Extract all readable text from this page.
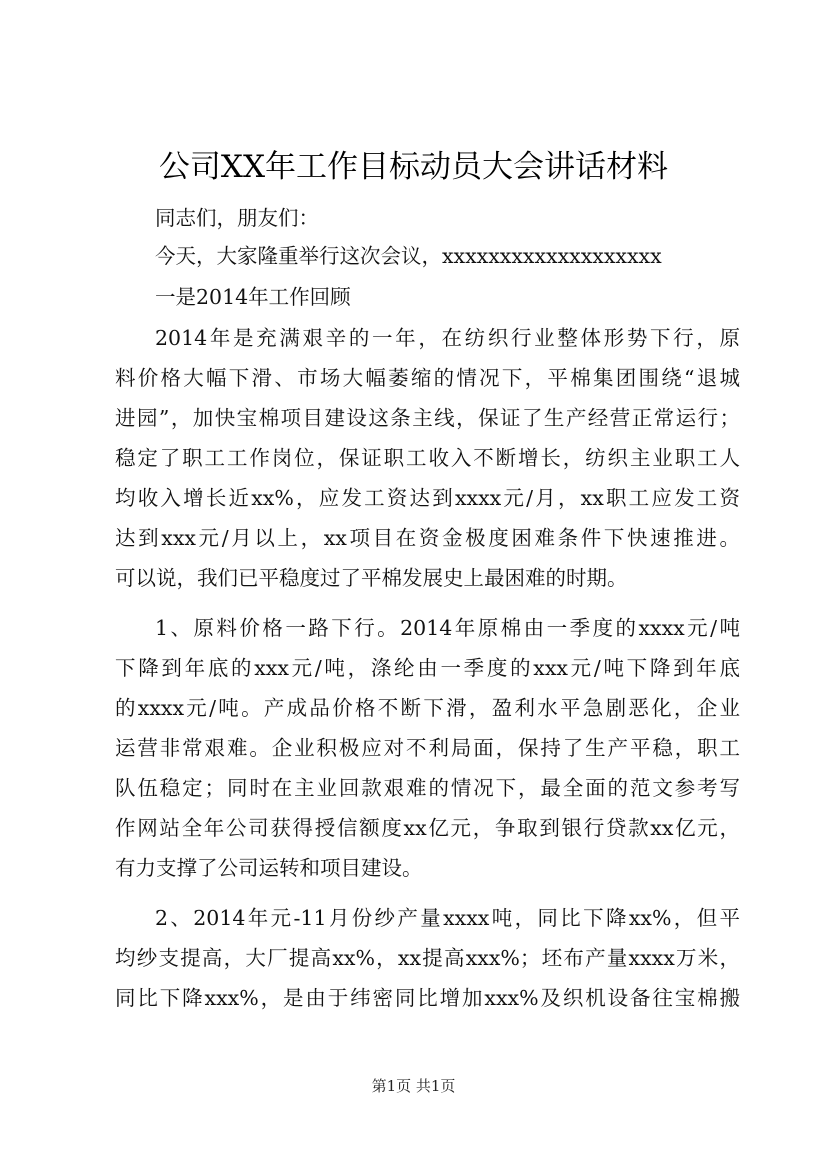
公司XX年工作目标动员大会讲话材料
同志们，朋友们：
今天，大家隆重举行这次会议，xxxxxxxxxxxxxxxxxxx
一是2014年工作回顾
2014年是充满艰辛的一年，在纺织行业整体形势下行，原
料价格大幅下滑、市场大幅萎缩的情况下，平棉集团围绕“退城
进园”，加快宝棉项目建设这条主线，保证了生产经营正常运行；
稳定了职工工作岗位，保证职工收入不断增长，纺织主业职工人
均收入增长近xx%，应发工资达到xxxx元/月，xx职工应发工资
达到xxx元/月以上，xx项目在资金极度困难条件下快速推进。
可以说，我们已平稳度过了平棉发展史上最困难的时期。
1、原料价格一路下行。2014年原棉由一季度的xxxx元/吨
下降到年底的xxx元/吨，涤纶由一季度的xxx元/吨下降到年底
的xxxx元/吨。产成品价格不断下滑，盈利水平急剧恶化，企业
运营非常艰难。企业积极应对不利局面，保持了生产平稳，职工
队伍稳定；同时在主业回款艰难的情况下，最全面的范文参考写
作网站全年公司获得授信额度xx亿元，争取到银行贷款xx亿元，
有力支撑了公司运转和项目建设。
2、2014年元-11月份纱产量xxxx吨，同比下降xx%，但平
均纱支提高，大厂提高xx%，xx提高xxx%；坯布产量xxxx万米，
同比下降xxx%，是由于纬密同比增加xxx%及织机设备往宝棉搬
第1页 共1页
